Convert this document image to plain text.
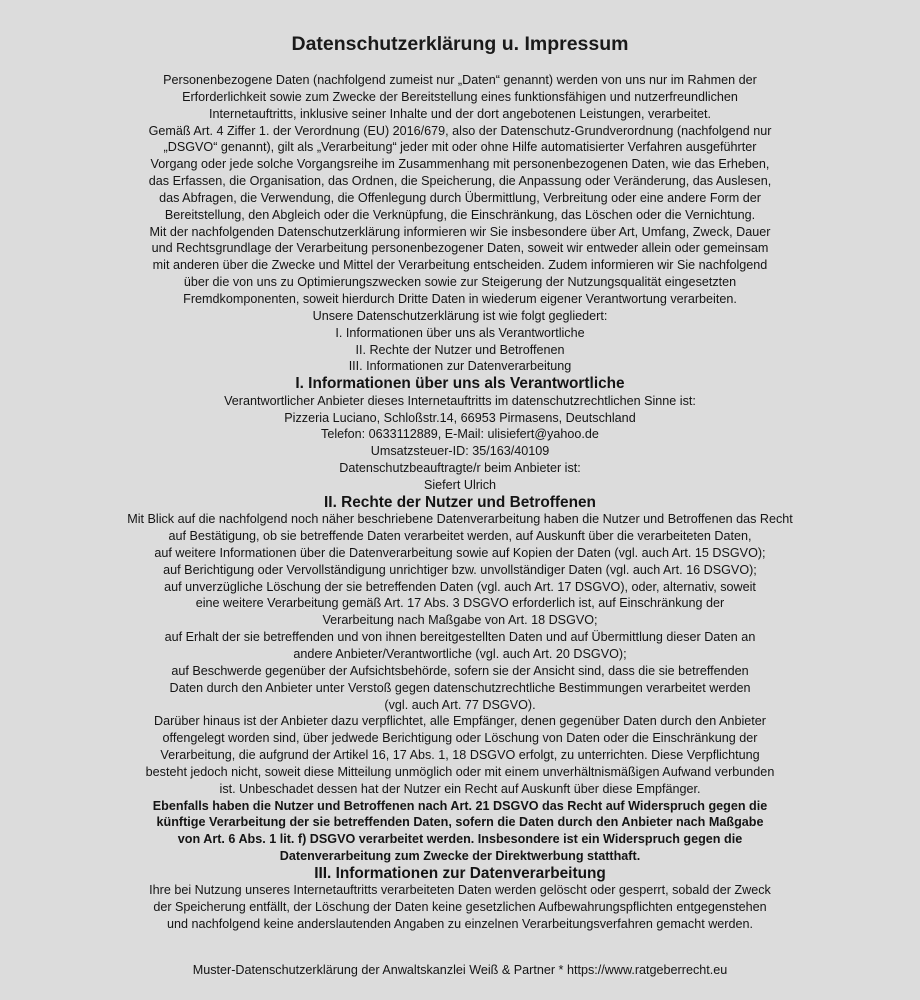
Datenschutzerklärung u. Impressum
Personenbezogene Daten (nachfolgend zumeist nur „Daten“ genannt) werden von uns nur im Rahmen der
Erforderlichkeit sowie zum Zwecke der Bereitstellung eines funktionsfähigen und nutzerfreundlichen
Internetauftritts, inklusive seiner Inhalte und der dort angebotenen Leistungen, verarbeitet.
Gemäß Art. 4 Ziffer 1. der Verordnung (EU) 2016/679, also der Datenschutz-Grundverordnung (nachfolgend nur
„DSGVO“ genannt), gilt als „Verarbeitung“ jeder mit oder ohne Hilfe automatisierter Verfahren ausgeführter
Vorgang oder jede solche Vorgangsreihe im Zusammenhang mit personenbezogenen Daten, wie das Erheben,
das Erfassen, die Organisation, das Ordnen, die Speicherung, die Anpassung oder Veränderung, das Auslesen,
das Abfragen, die Verwendung, die Offenlegung durch Übermittlung, Verbreitung oder eine andere Form der
Bereitstellung, den Abgleich oder die Verknüpfung, die Einschränkung, das Löschen oder die Vernichtung.
Mit der nachfolgenden Datenschutzerklärung informieren wir Sie insbesondere über Art, Umfang, Zweck, Dauer
und Rechtsgrundlage der Verarbeitung personenbezogener Daten, soweit wir entweder allein oder gemeinsam
mit anderen über die Zwecke und Mittel der Verarbeitung entscheiden. Zudem informieren wir Sie nachfolgend
über die von uns zu Optimierungszwecken sowie zur Steigerung der Nutzungsqualität eingesetzten
Fremdkomponenten, soweit hierdurch Dritte Daten in wiederum eigener Verantwortung verarbeiten.
Unsere Datenschutzerklärung ist wie folgt gegliedert:
I. Informationen über uns als Verantwortliche
II. Rechte der Nutzer und Betroffenen
III. Informationen zur Datenverarbeitung
I. Informationen über uns als Verantwortliche
Verantwortlicher Anbieter dieses Internetauftritts im datenschutzrechtlichen Sinne ist:
Pizzeria Luciano, Schloßstr.14, 66953 Pirmasens, Deutschland
Telefon: 0633112889, E-Mail: ulisiefert@yahoo.de
Umsatzsteuer-ID: 35/163/40109
Datenschutzbeauftragte/r beim Anbieter ist:
Siefert Ulrich
II. Rechte der Nutzer und Betroffenen
Mit Blick auf die nachfolgend noch näher beschriebene Datenverarbeitung haben die Nutzer und Betroffenen das Recht
auf Bestätigung, ob sie betreffende Daten verarbeitet werden, auf Auskunft über die verarbeiteten Daten,
auf weitere Informationen über die Datenverarbeitung sowie auf Kopien der Daten (vgl. auch Art. 15 DSGVO);
auf Berichtigung oder Vervollständigung unrichtiger bzw. unvollständiger Daten (vgl. auch Art. 16 DSGVO);
auf unverzügliche Löschung der sie betreffenden Daten (vgl. auch Art. 17 DSGVO), oder, alternativ, soweit
eine weitere Verarbeitung gemäß Art. 17 Abs. 3 DSGVO erforderlich ist, auf Einschränkung der
Verarbeitung nach Maßgabe von Art. 18 DSGVO;
auf Erhalt der sie betreffenden und von ihnen bereitgestellten Daten und auf Übermittlung dieser Daten an
andere Anbieter/Verantwortliche (vgl. auch Art. 20 DSGVO);
auf Beschwerde gegenüber der Aufsichtsbehörde, sofern sie der Ansicht sind, dass die sie betreffenden
Daten durch den Anbieter unter Verstoß gegen datenschutzrechtliche Bestimmungen verarbeitet werden
(vgl. auch Art. 77 DSGVO).
Darüber hinaus ist der Anbieter dazu verpflichtet, alle Empfänger, denen gegenüber Daten durch den Anbieter
offengelegt worden sind, über jedwede Berichtigung oder Löschung von Daten oder die Einschränkung der
Verarbeitung, die aufgrund der Artikel 16, 17 Abs. 1, 18 DSGVO erfolgt, zu unterrichten. Diese Verpflichtung
besteht jedoch nicht, soweit diese Mitteilung unmöglich oder mit einem unverhältnismäßigen Aufwand verbunden
ist. Unbeschadet dessen hat der Nutzer ein Recht auf Auskunft über diese Empfänger.
Ebenfalls haben die Nutzer und Betroffenen nach Art. 21 DSGVO das Recht auf Widerspruch gegen die
künftige Verarbeitung der sie betreffenden Daten, sofern die Daten durch den Anbieter nach Maßgabe
von Art. 6 Abs. 1 lit. f) DSGVO verarbeitet werden. Insbesondere ist ein Widerspruch gegen die
Datenverarbeitung zum Zwecke der Direktwerbung statthaft.
III. Informationen zur Datenverarbeitung
Ihre bei Nutzung unseres Internetauftritts verarbeiteten Daten werden gelöscht oder gesperrt, sobald der Zweck
der Speicherung entfällt, der Löschung der Daten keine gesetzlichen Aufbewahrungspflichten entgegenstehen
und nachfolgend keine anderslautenden Angaben zu einzelnen Verarbeitungsverfahren gemacht werden.
Muster-Datenschutzerklärung der Anwaltskanzlei Weiß & Partner * https://www.ratgeberrecht.eu
